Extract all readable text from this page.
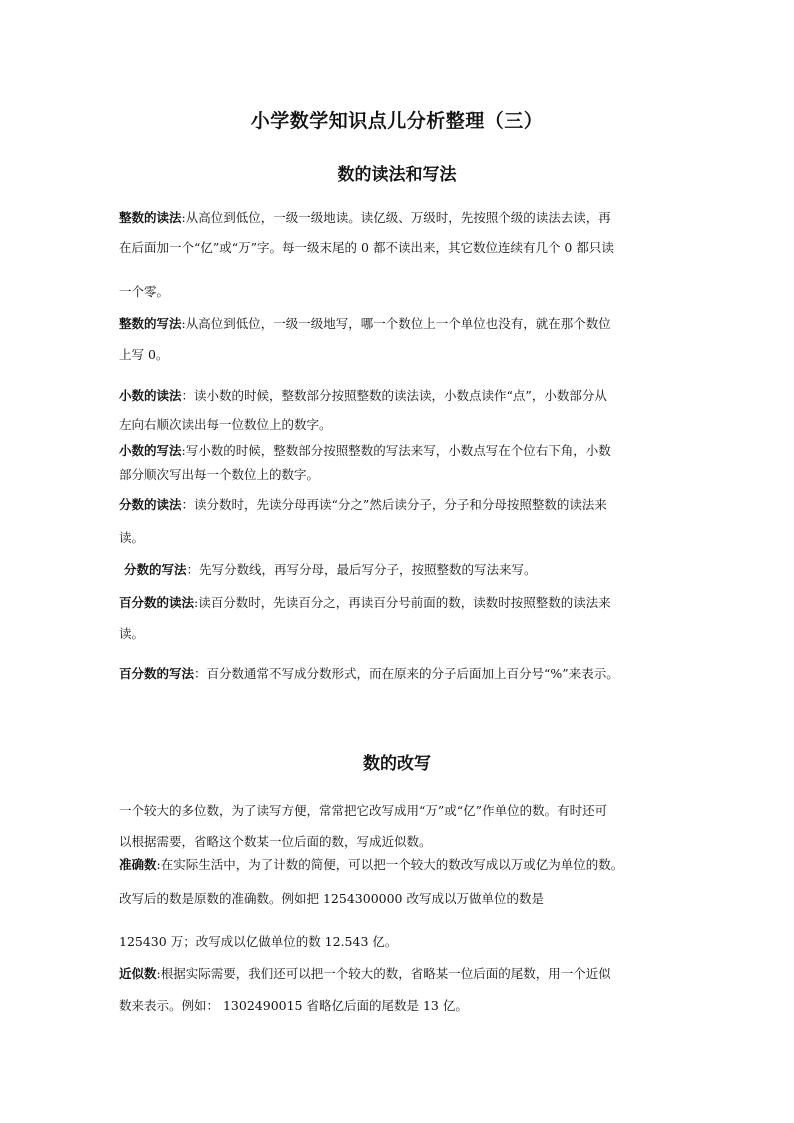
小学数学知识点儿分析整理（三）
数的读法和写法
整数的读法:从高位到低位，一级一级地读。读亿级、万级时，先按照个级的读法去读，再
在后面加一个“亿”或“万”字。每一级末尾的 0 都不读出来，其它数位连续有几个 0 都只读
一个零。
整数的写法:从高位到低位，一级一级地写，哪一个数位上一个单位也没有，就在那个数位
上写 0。
小数的读法：读小数的时候，整数部分按照整数的读法读，小数点读作“点”，小数部分从
左向右顺次读出每一位数位上的数字。
小数的写法:写小数的时候，整数部分按照整数的写法来写，小数点写在个位右下角，小数
部分顺次写出每一个数位上的数字。
分数的读法：读分数时，先读分母再读“分之”然后读分子，分子和分母按照整数的读法来
读。
分数的写法：先写分数线，再写分母，最后写分子，按照整数的写法来写。
百分数的读法:读百分数时，先读百分之，再读百分号前面的数，读数时按照整数的读法来
读。
百分数的写法：百分数通常不写成分数形式，而在原来的分子后面加上百分号“%”来表示。
数的改写
一个较大的多位数，为了读写方便，常常把它改写成用“万”或“亿”作单位的数。有时还可
以根据需要，省略这个数某一位后面的数，写成近似数。
准确数:在实际生活中，为了计数的简便，可以把一个较大的数改写成以万或亿为单位的数。
改写后的数是原数的准确数。例如把 1254300000 改写成以万做单位的数是
125430 万；改写成以亿做单位的数 12.543 亿。
近似数:根据实际需要，我们还可以把一个较大的数，省略某一位后面的尾数，用一个近似
数来表示。例如： 1302490015 省略亿后面的尾数是 13 亿。
